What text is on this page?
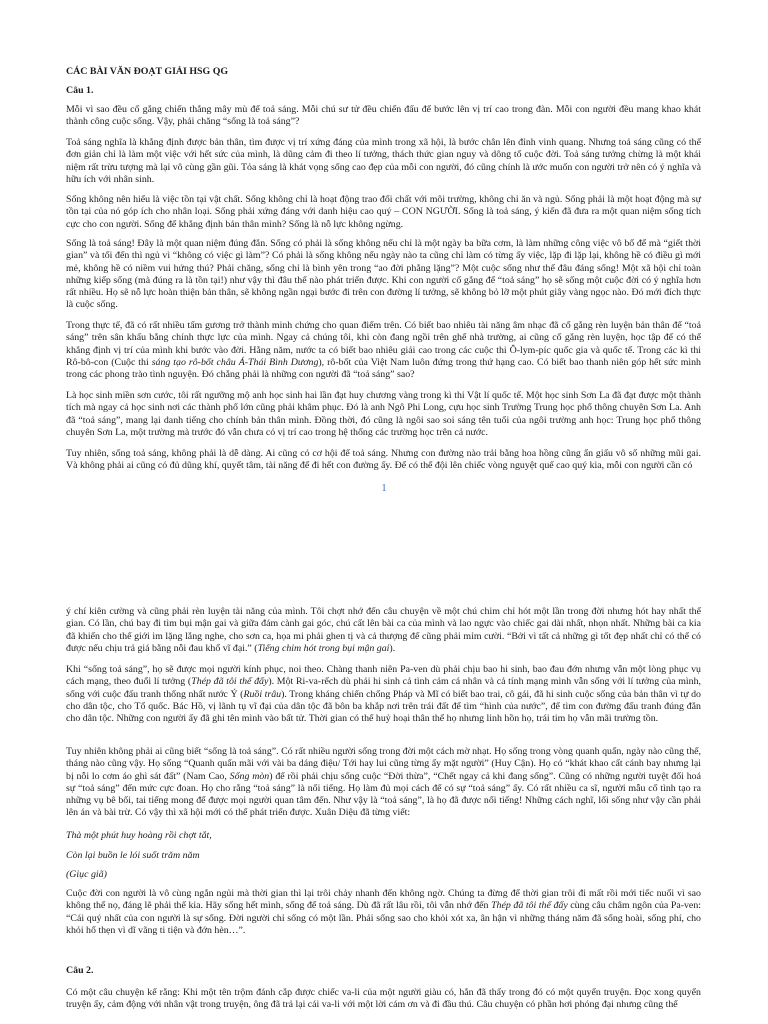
CÁC BÀI VĂN ĐOẠT GIẢI HSG QG

Câu 1.

Mỗi vì sao đều cố gắng chiến thắng mây mù để toả sáng. Mỗi chú sư tử đều chiến đấu để bước lên vị trí cao trong đàn. Mỗi con người đều mang khao khát thành công cuộc sống. Vậy, phải chăng “sống là toả sáng”?

Toả sáng nghĩa là khẳng định được bản thân, tìm được vị trí xứng đáng của mình trong xã hội, là bước chân lên đỉnh vinh quang. Nhưng toả sáng cũng có thể đơn giản chỉ là làm một việc với hết sức của mình, là dũng cảm đi theo lí tưởng, thách thức gian nguy và dông tố cuộc đời. Toả sáng tưởng chừng là một khái niệm rất trừu tượng mà lại vô cùng gần gũi. Tỏa sáng là khát vọng sống cao đẹp của mỗi con người, đó cũng chính là ước muốn con người trở nên có ý nghĩa và hữu ích với nhân sinh.

Sống không nên hiểu là việc tồn tại vật chất. Sống không chỉ là hoạt động trao đổi chất với môi trường, không chỉ ăn và ngủ. Sống phải là một hoạt động mà sự tồn tại của nó góp ích cho nhân loại. Sống phải xứng đáng với danh hiệu cao quý – CON NGƯỜI. Sống là toả sáng, ý kiến đã đưa ra một quan niệm sống tích cực cho con người. Sống để khẳng định bản thân mình? Sống là nỗ lực không ngừng.

Sống là toả sáng! Đây là một quan niệm đúng đắn. Sống có phải là sống không nếu chỉ là một ngày ba bữa cơm, là làm những công việc vô bổ để mà “giết thời gian” và tối đến thì ngủ vì “không có việc gì làm”? Có phải là sống không nếu ngày nào ta cũng chỉ làm có từng ấy việc, lặp đi lặp lại, không hề có điều gì mới mẻ, không hề có niềm vui hứng thú? Phải chăng, sống chỉ là bình yên trong “ao đời phẳng lặng”? Một cuộc sống như thế đâu đáng sống! Một xã hội chỉ toàn những kiếp sống (mà đúng ra là tồn tại!) như vậy thì đâu thể nào phát triển được. Khi con người cố gắng để “toả sáng” họ sẽ sống một cuộc đời có ý nghĩa hơn rất nhiều. Họ sẽ nỗ lực hoàn thiện bản thân, sẽ không ngần ngại bước đi trên con đường lí tưởng, sẽ không bỏ lỡ một phút giây vàng ngọc nào. Đó mới đích thực là cuộc sống.

Trong thực tế, đã có rất nhiều tấm gương trở thành minh chứng cho quan điểm trên. Có biết bao nhiêu tài năng âm nhạc đã cố gắng rèn luyện bản thân để “toả sáng” trên sân khấu bằng chính thực lực của mình. Ngay cả chúng tôi, khi còn đang ngồi trên ghế nhà trường, ai cũng cố gắng rèn luyện, học tập để có thể khẳng định vị trí của mình khi bước vào đời. Hằng năm, nước ta có biết bao nhiêu giải cao trong các cuộc thi Ô-lym-píc quốc gia và quốc tế. Trong các kì thi Rô-bô-con (Cuộc thi sáng tạo rô-bốt châu Á-Thái Bình Dương), rô-bốt của Việt Nam luôn đứng trong thứ hạng cao. Có biết bao thanh niên góp hết sức mình trong các phong trào tình nguyện. Đó chẳng phải là những con người đã “toả sáng” sao?

Là học sinh miền sơn cước, tôi rất ngưỡng mộ anh học sinh hai lần đạt huy chương vàng trong kì thi Vật lí quốc tế. Một học sinh Sơn La đã đạt được một thành tích mà ngay cả học sinh nơi các thành phố lớn cũng phải khâm phục. Đó là anh Ngô Phi Long, cựu học sinh Trường Trung học phổ thông chuyên Sơn La. Anh đã “toả sáng”, mang lại danh tiếng cho chính bản thân mình. Đồng thời, đó cũng là ngôi sao soi sáng tên tuổi của ngôi trường anh học: Trung học phổ thông chuyên Sơn La, một trường mà trước đó vẫn chưa có vị trí cao trong hệ thống các trường học trên cả nước.

Tuy nhiên, sống toả sáng, không phải là dễ dàng. Ai cũng có cơ hội để toả sáng. Nhưng con đường nào trải bằng hoa hồng cũng ẩn giấu vô số những mũi gai. Và không phải ai cũng có đủ dũng khí, quyết tâm, tài năng để đi hết con đường ấy. Để có thể đội lên chiếc vòng nguyệt quế cao quý kia, mỗi con người cần có

1

ý chí kiên cường và cũng phải rèn luyện tài năng của mình. Tôi chợt nhớ đến câu chuyện về một chú chim chỉ hót một lần trong đời nhưng hót hay nhất thế gian. Có lần, chú bay đi tìm bụi mận gai và giữa đám cành gai góc, chú cất lên bài ca của mình và lao ngực vào chiếc gai dài nhất, nhọn nhất. Những bài ca kia đã khiến cho thế giới im lặng lắng nghe, cho sơn ca, họa mi phải ghen tị và cả thượng đế cũng phải mỉm cười. “Bởi vì tất cả những gì tốt đẹp nhất chỉ có thể có được nếu chịu trả giá bằng nỗi đau khổ vĩ đại.” (Tiếng chim hót trong bụi mận gai).

Khi “sống toả sáng”, họ sẽ được mọi người kính phục, noi theo. Chàng thanh niên Pa-ven dù phải chịu bao hi sinh, bao đau đớn nhưng vẫn một lòng phục vụ cách mạng, theo đuổi lí tưởng (Thép đã tôi thế đấy). Một Ri-va-rếch dù phải hi sinh cả tình cảm cá nhân và cả tính mạng mình vẫn sống với lí tưởng của mình, sống với cuộc đấu tranh thống nhất nước Ý (Ruồi trâu). Trong kháng chiến chống Pháp và Mĩ có biết bao trai, cô gái, đã hi sinh cuộc sống của bản thân vì tự do cho dân tộc, cho Tổ quốc. Bác Hồ, vị lãnh tụ vĩ đại của dân tộc đã bôn ba khắp nơi trên trái đất để tìm “hình của nước”, để tìm con đường đấu tranh đúng đắn cho dân tộc. Những con người ấy đã ghi tên mình vào bất tử. Thời gian có thể huỷ hoại thân thể họ nhưng linh hồn họ, trái tim họ vẫn mãi trường tồn.

Tuy nhiên không phải ai cũng biết “sống là toả sáng”. Có rất nhiều người sống trong đời một cách mờ nhạt. Họ sống trong vòng quanh quẩn, ngày nào cũng thế, tháng nào cũng vậy. Họ sống “Quanh quẩn mãi với vài ba dáng điệu/ Tới hay lui cũng từng ấy mặt người” (Huy Cận). Họ có “khát khao cất cánh bay nhưng lại bị nỗi lo cơm áo ghì sát đất” (Nam Cao, Sống mòn) để rồi phải chịu sống cuộc “Đời thừa”, “Chết ngay cả khi đang sống”. Cũng có những người tuyệt đối hoá sự “toả sáng” đến mức cực đoan. Họ cho rằng “toả sáng” là nổi tiếng. Họ làm đủ mọi cách để có sự “toả sáng” ấy. Có rất nhiều ca sĩ, người mẫu cố tình tạo ra những vụ bê bối, tai tiếng mong để được mọi người quan tâm đến. Như vậy là “toả sáng”, là họ đã được nổi tiếng! Những cách nghĩ, lối sống như vậy cần phải lên án và bài trừ. Có vậy thì xã hội mới có thể phát triển được. Xuân Diệu đã từng viết:

Thà một phút huy hoàng rồi chợt tắt,

Còn lại buồn le lói suốt trăm năm

(Giục giã)

Cuộc đời con người là vô cùng ngắn ngủi mà thời gian thì lại trôi chảy nhanh đến không ngờ. Chúng ta đừng để thời gian trôi đi mất rồi mới tiếc nuối vì sao không thể nọ, đáng lẽ phải thế kia. Hãy sống hết mình, sống để toả sáng. Dù đã rất lâu rồi, tôi vẫn nhớ đến Thép đã tôi thế đấy cùng câu châm ngôn của Pa-ven: “Cái quý nhất của con người là sự sống. Đời người chỉ sống có một lần. Phải sống sao cho khỏi xót xa, ân hận vì những tháng năm đã sống hoài, sống phí, cho khỏi hổ thẹn vì dĩ vãng ti tiện và đớn hèn…”.

Câu 2.

Có một câu chuyện kể rằng: Khi một tên trộm đánh cắp được chiếc va-li của một người giàu có, hắn đã thấy trong đó có một quyển truyện. Đọc xong quyển truyện ấy, cảm động với nhân vật trong truyện, ông đã trả lại cái va-li với một lời cám ơn và đi đầu thú. Câu chuyện có phần hơi phóng đại nhưng cũng thể
